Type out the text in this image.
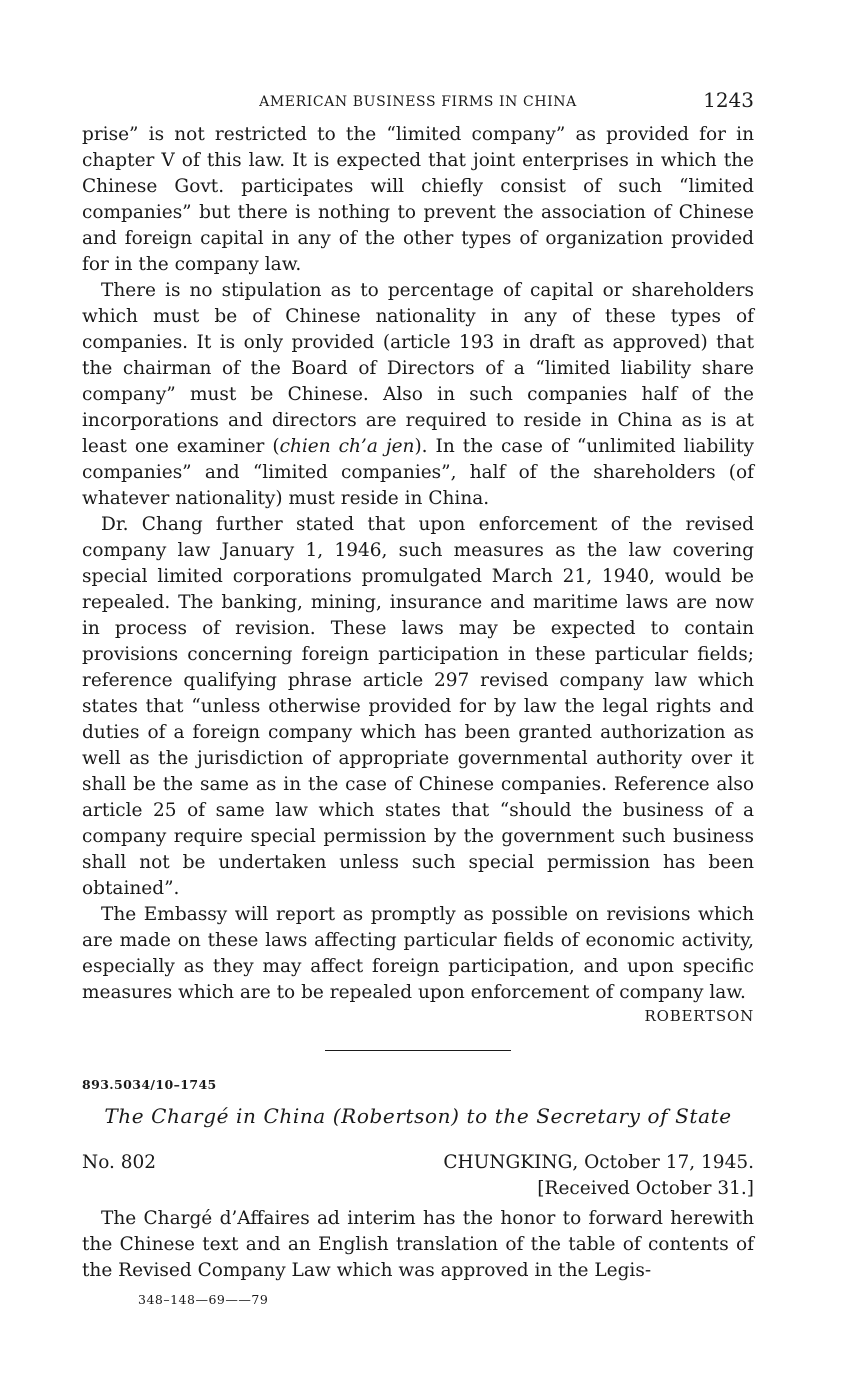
AMERICAN BUSINESS FIRMS IN CHINA	1243

prise” is not restricted to the “limited company” as provided for in chapter V of this law. It is expected that joint enterprises in which the Chinese Govt. participates will chiefly consist of such “limited companies” but there is nothing to prevent the association of Chinese and foreign capital in any of the other types of organization provided for in the company law.

There is no stipulation as to percentage of capital or shareholders which must be of Chinese nationality in any of these types of companies. It is only provided (article 193 in draft as approved) that the chairman of the Board of Directors of a “limited liability share company” must be Chinese. Also in such companies half of the incorporations and directors are required to reside in China as is at least one examiner (chien ch’a jen). In the case of “unlimited liability companies” and “limited companies”, half of the shareholders (of whatever nationality) must reside in China.

Dr. Chang further stated that upon enforcement of the revised company law January 1, 1946, such measures as the law covering special limited corporations promulgated March 21, 1940, would be repealed. The banking, mining, insurance and maritime laws are now in process of revision. These laws may be expected to contain provisions concerning foreign participation in these particular fields; reference qualifying phrase article 297 revised company law which states that “unless otherwise provided for by law the legal rights and duties of a foreign company which has been granted authorization as well as the jurisdiction of appropriate governmental authority over it shall be the same as in the case of Chinese companies. Reference also article 25 of same law which states that “should the business of a company require special permission by the government such business shall not be undertaken unless such special permission has been obtained”.

The Embassy will report as promptly as possible on revisions which are made on these laws affecting particular fields of economic activity, especially as they may affect foreign participation, and upon specific measures which are to be repealed upon enforcement of company law.

ROBERTSON

893.5034/10–1745

The Chargé in China (Robertson) to the Secretary of State

No. 802	CHUNGKING, October 17, 1945.

[Received October 31.]

The Chargé d’Affaires ad interim has the honor to forward herewith the Chinese text and an English translation of the table of contents of the Revised Company Law which was approved in the Legis-

348–148—69——79
